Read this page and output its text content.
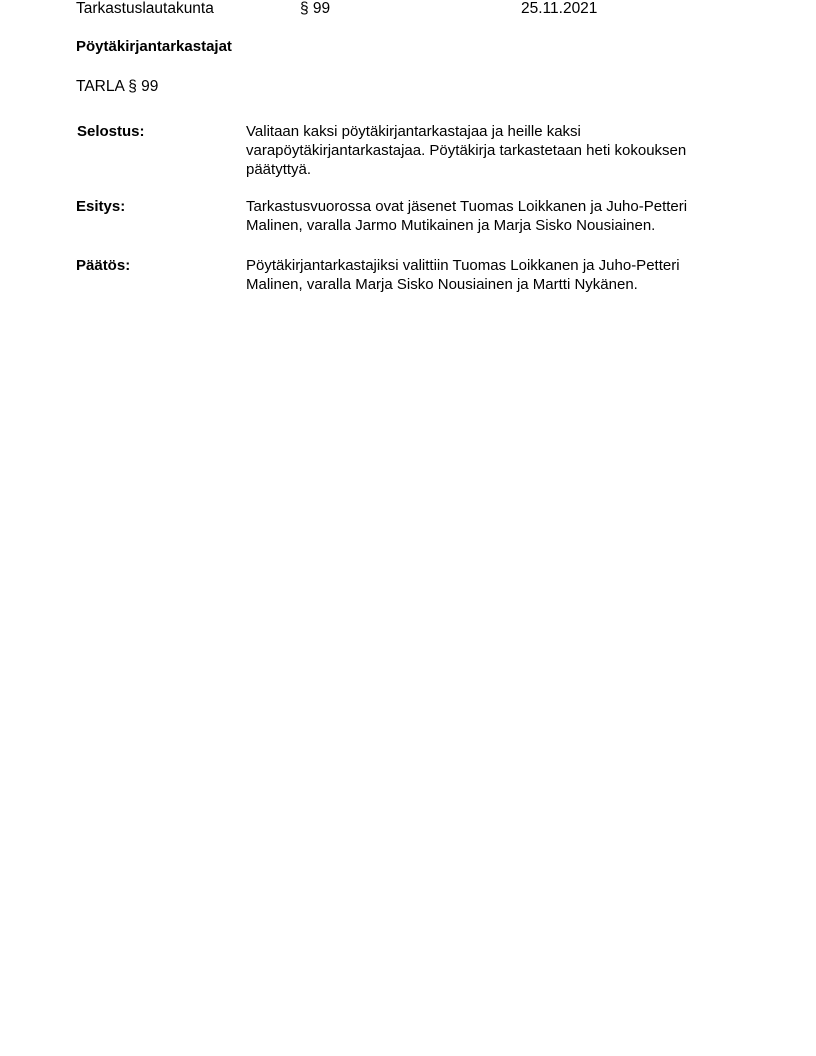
Tarkastuslautakunta	§ 99	25.11.2021
Pöytäkirjantarkastajat
TARLA § 99
Selostus:	Valitaan kaksi pöytäkirjantarkastajaa ja heille kaksi varapöytäkirjantarkastajaa. Pöytäkirja tarkastetaan heti kokouksen päätyttyä.
Esitys:	Tarkastusvuorossa ovat jäsenet Tuomas Loikkanen ja Juho-Petteri Malinen, varalla Jarmo Mutikainen ja Marja Sisko Nousiainen.
Päätös:	Pöytäkirjantarkastajiksi valittiin Tuomas Loikkanen ja Juho-Petteri Malinen, varalla Marja Sisko Nousiainen ja Martti Nykänen.
